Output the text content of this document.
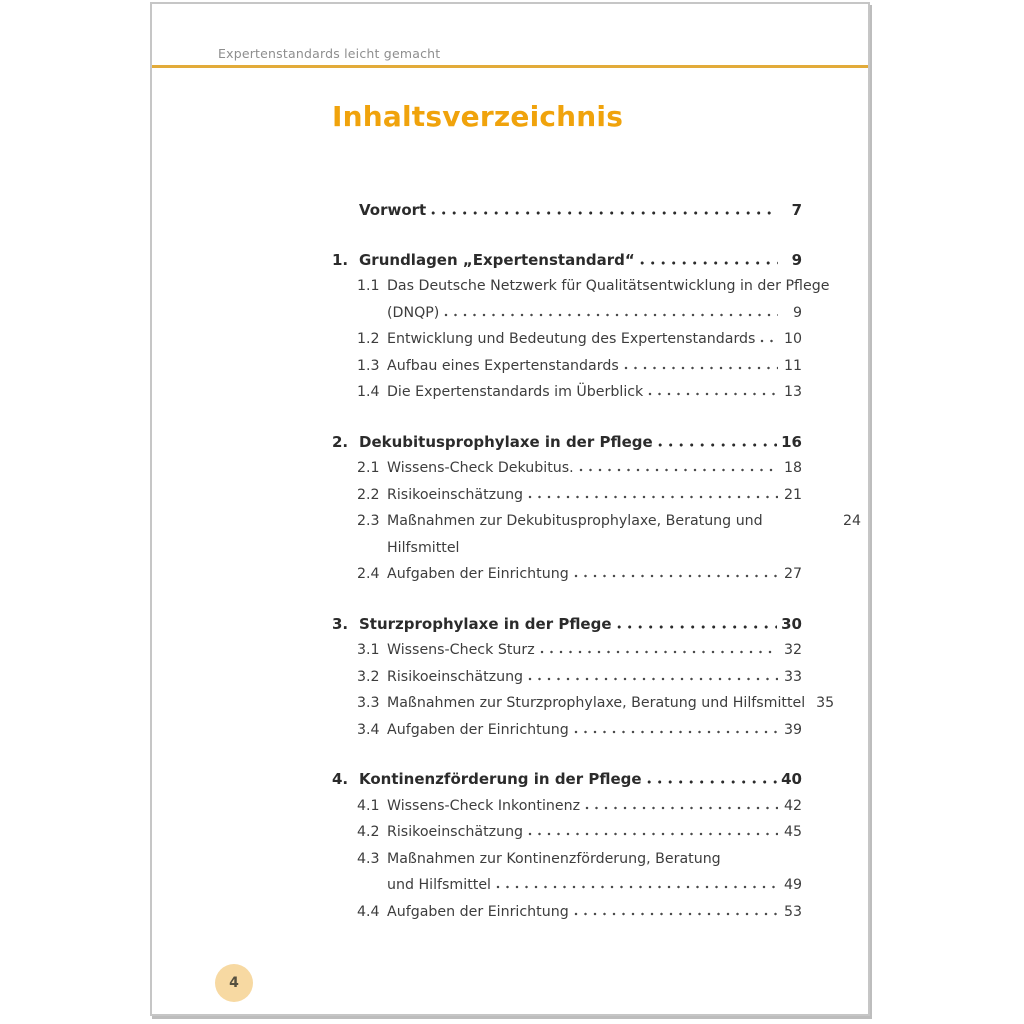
Expertenstandards leicht gemacht
Inhaltsverzeichnis
Vorwort	7
1. Grundlagen „Expertenstandard“	9
1.1 Das Deutsche Netzwerk für Qualitätsentwicklung in der Pflege
(DNQP)	9
1.2 Entwicklung und Bedeutung des Expertenstandards 10
1.3 Aufbau eines Expertenstandards	11
1.4 Die Expertenstandards im Überblick	13
2. Dekubitusprophylaxe in der Pflege	16
2.1 Wissens-Check Dekubitus.	18
2.2 Risikoeinschätzung	21
2.3 Maßnahmen zur Dekubitusprophylaxe, Beratung und Hilfsmittel
24
2.4 Aufgaben der Einrichtung	27
3. Sturzprophylaxe in der Pflege	30
3.1 Wissens-Check Sturz	32
3.2 Risikoeinschätzung	33
3.3 Maßnahmen zur Sturzprophylaxe, Beratung und Hilfsmittel 35
3.4 Aufgaben der Einrichtung	39
4. Kontinenzförderung in der Pflege	40
4.1 Wissens-Check Inkontinenz	42
4.2 Risikoeinschätzung	45
4.3 Maßnahmen zur Kontinenzförderung, Beratung
und Hilfsmittel	49
4.4 Aufgaben der Einrichtung	53
4
